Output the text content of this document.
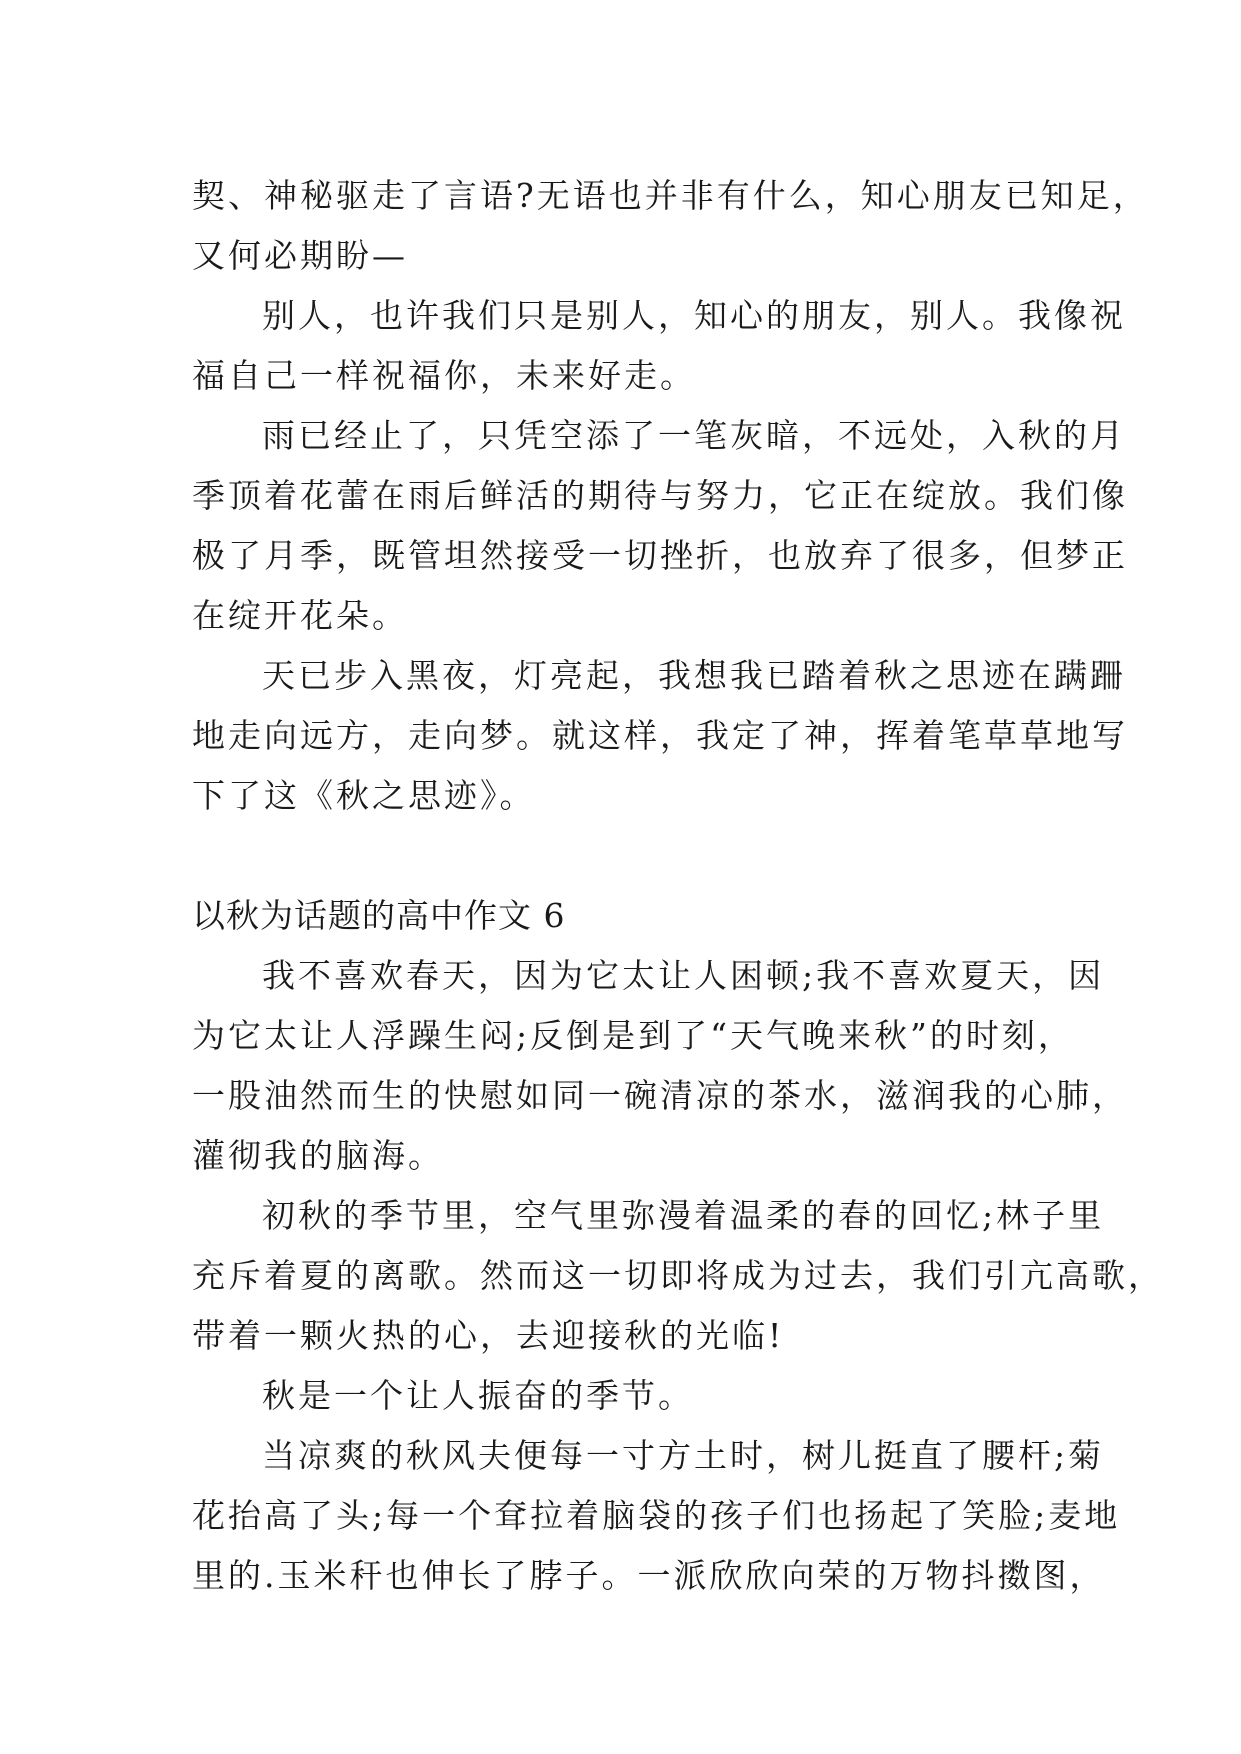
契、神秘驱走了言语?无语也并非有什么，知心朋友已知足，
又何必期盼—
别人，也许我们只是别人，知心的朋友，别人。我像祝
福自己一样祝福你，未来好走。
雨已经止了，只凭空添了一笔灰暗，不远处，入秋的月
季顶着花蕾在雨后鲜活的期待与努力，它正在绽放。我们像
极了月季，既管坦然接受一切挫折，也放弃了很多，但梦正
在绽开花朵。
天已步入黑夜，灯亮起，我想我已踏着秋之思迹在蹒跚
地走向远方，走向梦。就这样，我定了神，挥着笔草草地写
下了这《秋之思迹》。
以秋为话题的高中作文 6
我不喜欢春天，因为它太让人困顿;我不喜欢夏天，因
为它太让人浮躁生闷;反倒是到了“天气晚来秋”的时刻，
一股油然而生的快慰如同一碗清凉的茶水，滋润我的心肺，
灌彻我的脑海。
初秋的季节里，空气里弥漫着温柔的春的回忆;林子里
充斥着夏的离歌。然而这一切即将成为过去，我们引亢高歌，
带着一颗火热的心，去迎接秋的光临!
秋是一个让人振奋的季节。
当凉爽的秋风夫便每一寸方土时，树儿挺直了腰杆;菊
花抬高了头;每一个耷拉着脑袋的孩子们也扬起了笑脸;麦地
里的.玉米秆也伸长了脖子。一派欣欣向荣的万物抖擞图，
